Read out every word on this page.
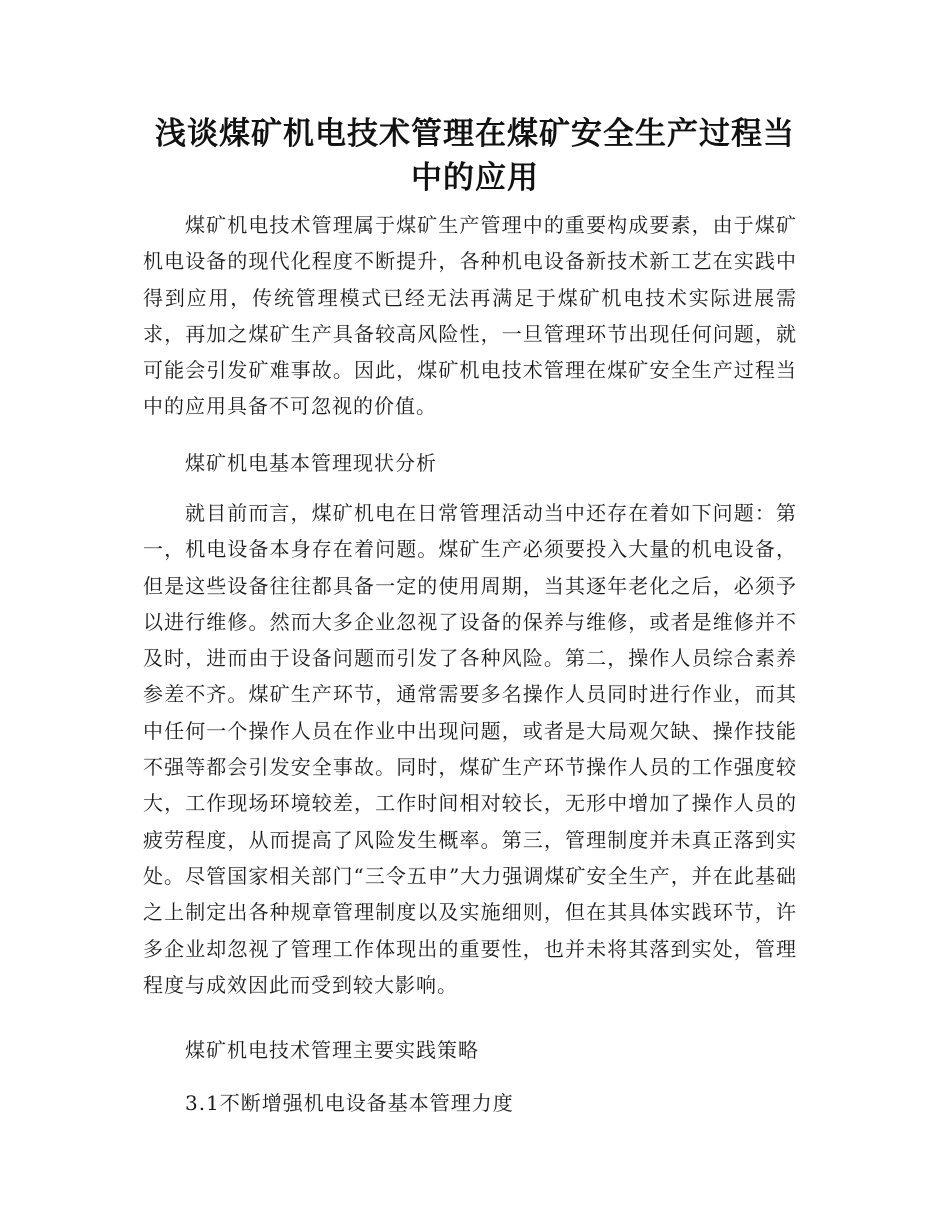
浅谈煤矿机电技术管理在煤矿安全生产过程当中的应用

煤矿机电技术管理属于煤矿生产管理中的重要构成要素，由于煤矿机电设备的现代化程度不断提升，各种机电设备新技术新工艺在实践中得到应用，传统管理模式已经无法再满足于煤矿机电技术实际进展需求，再加之煤矿生产具备较高风险性，一旦管理环节出现任何问题，就可能会引发矿难事故。因此，煤矿机电技术管理在煤矿安全生产过程当中的应用具备不可忽视的价值。

煤矿机电基本管理现状分析

就目前而言，煤矿机电在日常管理活动当中还存在着如下问题：第一，机电设备本身存在着问题。煤矿生产必须要投入大量的机电设备，但是这些设备往往都具备一定的使用周期，当其逐年老化之后，必须予以进行维修。然而大多企业忽视了设备的保养与维修，或者是维修并不及时，进而由于设备问题而引发了各种风险。第二，操作人员综合素养参差不齐。煤矿生产环节，通常需要多名操作人员同时进行作业，而其中任何一个操作人员在作业中出现问题，或者是大局观欠缺、操作技能不强等都会引发安全事故。同时，煤矿生产环节操作人员的工作强度较大，工作现场环境较差，工作时间相对较长，无形中增加了操作人员的疲劳程度，从而提高了风险发生概率。第三，管理制度并未真正落到实处。尽管国家相关部门“三令五申”大力强调煤矿安全生产，并在此基础之上制定出各种规章管理制度以及实施细则，但在其具体实践环节，许多企业却忽视了管理工作体现出的重要性，也并未将其落到实处，管理程度与成效因此而受到较大影响。

煤矿机电技术管理主要实践策略

3.1不断增强机电设备基本管理力度
